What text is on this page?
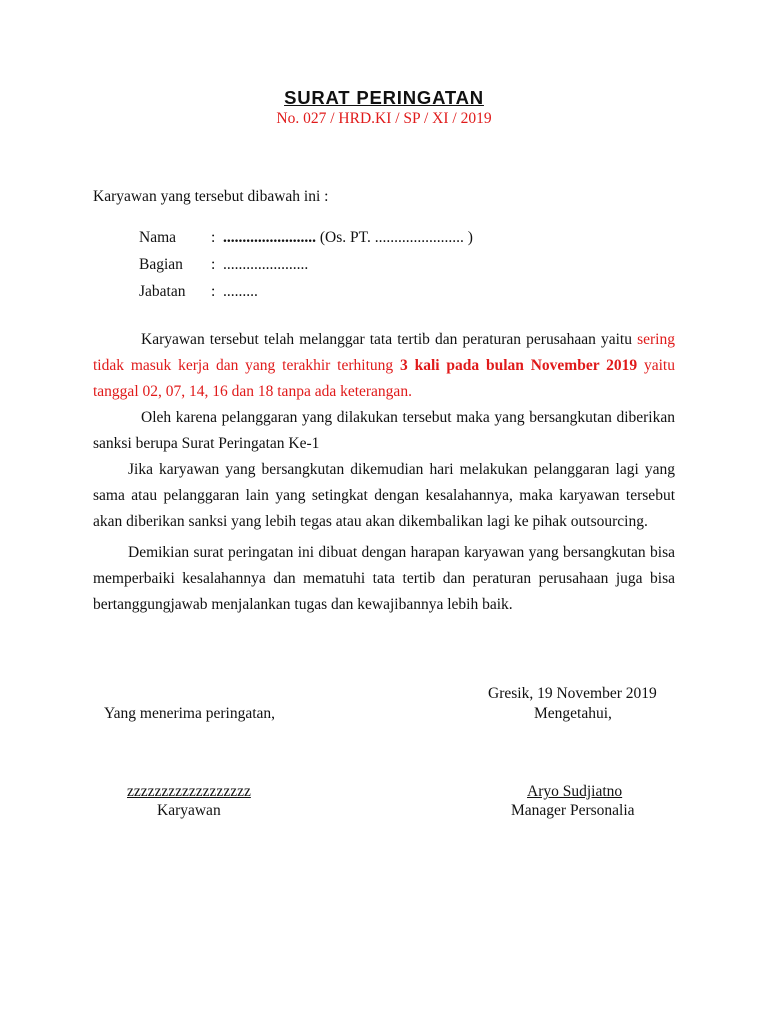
SURAT PERINGATAN
No. 027 / HRD.KI / SP / XI / 2019
Karyawan yang tersebut dibawah ini :
Nama : ........................ (Os. PT. ....................... )
Bagian : ......................
Jabatan : .........

Karyawan tersebut telah melanggar tata tertib dan peraturan perusahaan yaitu sering tidak masuk kerja dan yang terakhir terhitung 3 kali pada bulan November 2019 yaitu tanggal 02, 07, 14, 16 dan 18 tanpa ada keterangan.

Oleh karena pelanggaran yang dilakukan tersebut maka yang bersangkutan diberikan sanksi berupa Surat Peringatan Ke-1

Jika karyawan yang bersangkutan dikemudian hari melakukan pelanggaran lagi yang sama atau pelanggaran lain yang setingkat dengan kesalahannya, maka karyawan tersebut akan diberikan sanksi yang lebih tegas atau akan dikembalikan lagi ke pihak outsourcing.

Demikian surat peringatan ini dibuat dengan harapan karyawan yang bersangkutan bisa memperbaiki kesalahannya dan mematuhi tata tertib dan peraturan perusahaan juga bisa bertanggungjawab menjalankan tugas dan kewajibannya lebih baik.

Gresik, 19 November 2019
Yang menerima peringatan,	Mengetahui,
zzzzzzzzzzzzzzzzzz
Karyawan
Aryo Sudjiatno
Manager Personalia
